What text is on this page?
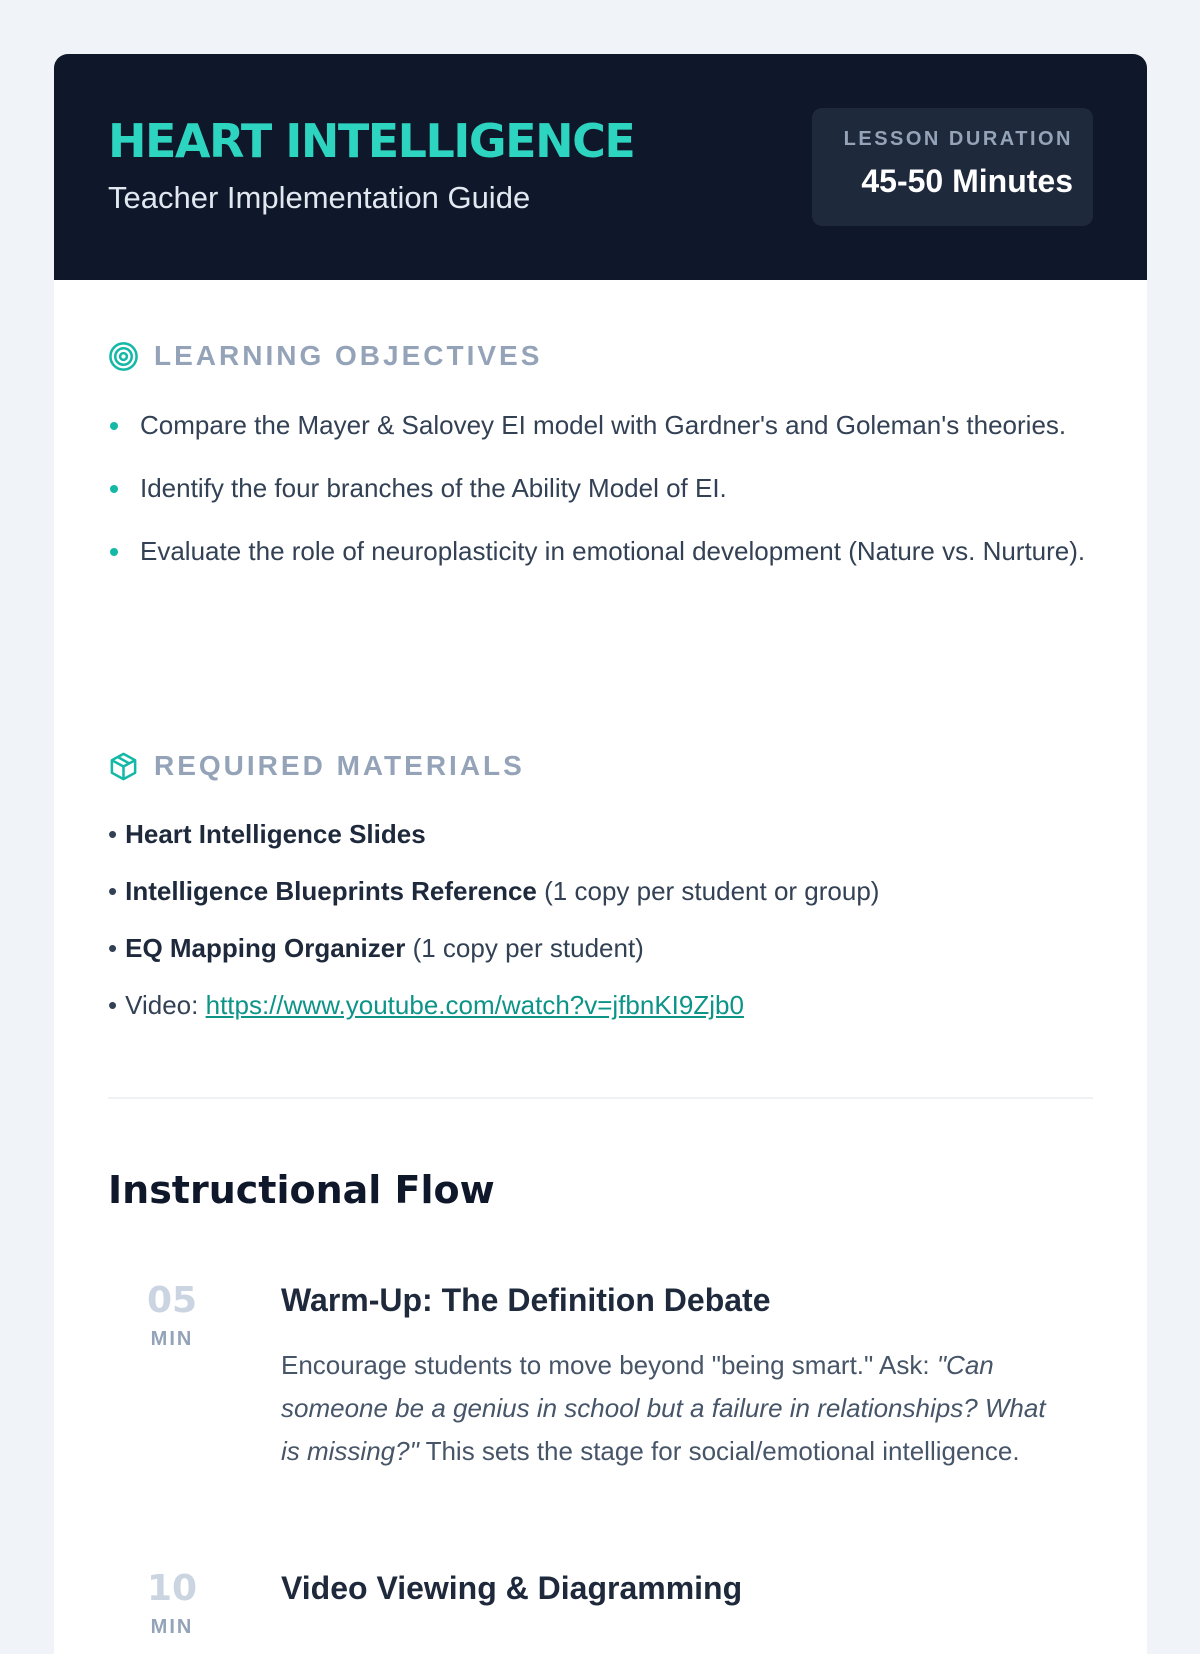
HEART INTELLIGENCE
Teacher Implementation Guide
LESSON DURATION
45-50 Minutes
LEARNING OBJECTIVES
Compare the Mayer & Salovey EI model with Gardner's and Goleman's theories.
Identify the four branches of the Ability Model of EI.
Evaluate the role of neuroplasticity in emotional development (Nature vs. Nurture).
REQUIRED MATERIALS
• Heart Intelligence Slides
• Intelligence Blueprints Reference (1 copy per student or group)
• EQ Mapping Organizer (1 copy per student)
• Video: https://www.youtube.com/watch?v=jfbnKI9Zjb0
Instructional Flow
05
MIN
Warm-Up: The Definition Debate

Encourage students to move beyond "being smart." Ask: "Can someone be a genius in school but a failure in relationships? What is missing?" This sets the stage for social/emotional intelligence.

10
MIN
Video Viewing & Diagramming
